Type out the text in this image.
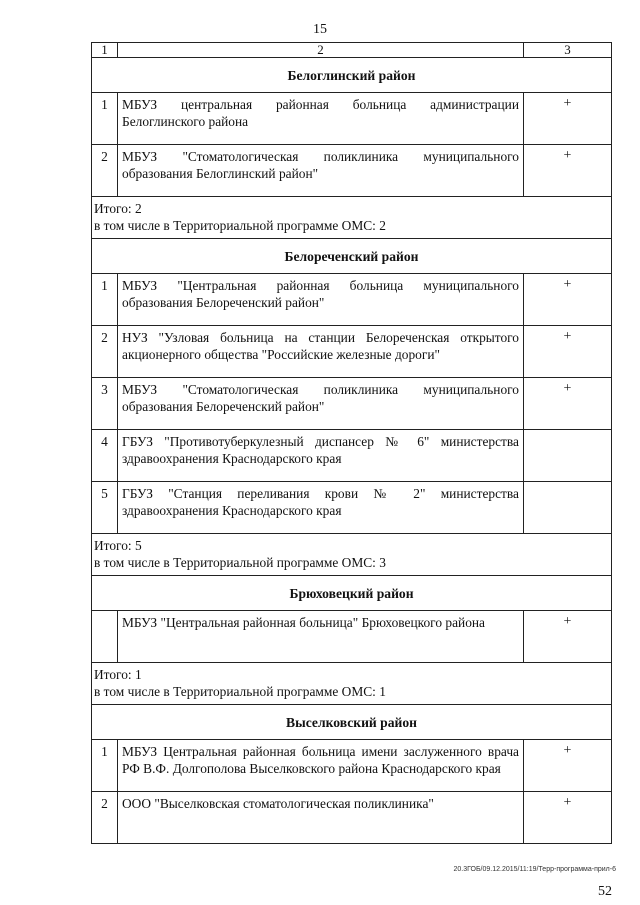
15
1	2	3
Белоглинский район		
1	МБУЗ центральная районная больница администрации Белоглинского района	+
2	МБУЗ "Стоматологическая поликлиника муниципального образования Белоглинский район"	+

Итого: 2
в том числе в Территориальной программе ОМС: 2		

Белореченский район		
1	МБУЗ "Центральная районная больница муниципального образования Белореченский район"	+
2	НУЗ "Узловая больница на станции Белореченская открытого акционерного общества "Российские железные дороги"	+
3	МБУЗ "Стоматологическая поликлиника муниципального образования Белореченский район"	+
4	ГБУЗ "Противотуберкулезный диспансер № 6" министерства здравоохранения Краснодарского края	
5	ГБУЗ "Станция переливания крови № 2" министерства здравоохранения Краснодарского края	

Итого: 5
в том числе в Территориальной программе ОМС: 3		

Брюховецкий район		
	МБУЗ "Центральная районная больница" Брюховецкого района	+

Итого: 1
в том числе в Территориальной программе ОМС: 1		

Выселковский район		
1	МБУЗ Центральная районная больница имени заслуженного врача РФ В.Ф. Долгополова Выселковского района Краснодарского края	+
2	ООО "Выселковская стоматологическая поликлиника"	+
20.3ГОБ/09.12.2015/11:19/Терр-программа-прил-6
52
